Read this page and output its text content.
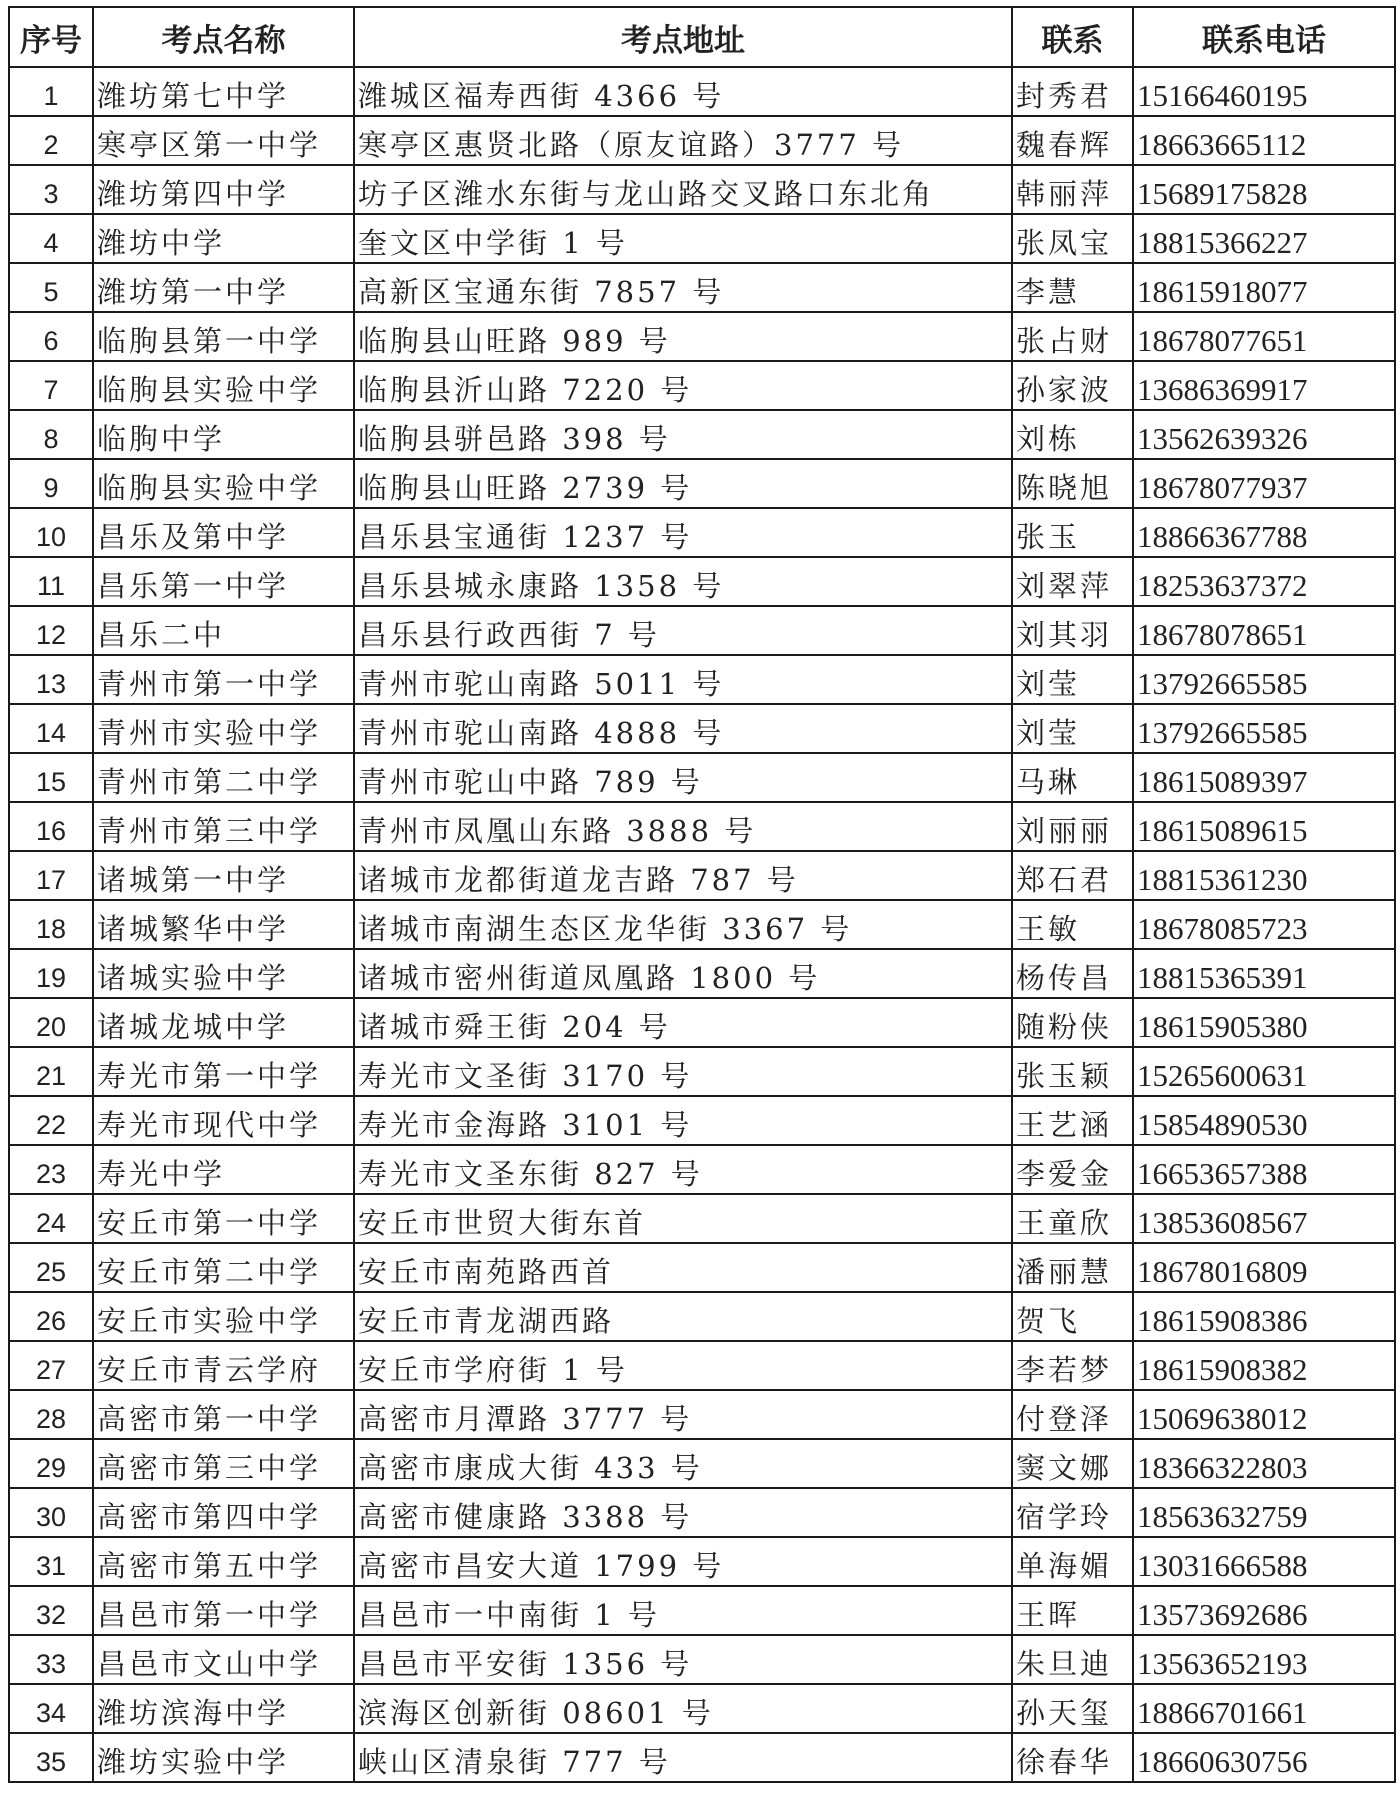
序号	考点名称	考点地址	联系	联系电话
1	潍坊第七中学	潍城区福寿西街 4366 号	封秀君	15166460195
2	寒亭区第一中学	寒亭区惠贤北路（原友谊路）3777 号	魏春辉	18663665112
3	潍坊第四中学	坊子区潍水东街与龙山路交叉路口东北角	韩丽萍	15689175828
4	潍坊中学	奎文区中学街 1 号	张凤宝	18815366227
5	潍坊第一中学	高新区宝通东街 7857 号	李慧	18615918077
6	临朐县第一中学	临朐县山旺路 989 号	张占财	18678077651
7	临朐县实验中学	临朐县沂山路 7220 号	孙家波	13686369917
8	临朐中学	临朐县骈邑路 398 号	刘栋	13562639326
9	临朐县实验中学	临朐县山旺路 2739 号	陈晓旭	18678077937
10	昌乐及第中学	昌乐县宝通街 1237 号	张玉	18866367788
11	昌乐第一中学	昌乐县城永康路 1358 号	刘翠萍	18253637372
12	昌乐二中	昌乐县行政西街 7 号	刘其羽	18678078651
13	青州市第一中学	青州市驼山南路 5011 号	刘莹	13792665585
14	青州市实验中学	青州市驼山南路 4888 号	刘莹	13792665585
15	青州市第二中学	青州市驼山中路 789 号	马琳	18615089397
16	青州市第三中学	青州市凤凰山东路 3888 号	刘丽丽	18615089615
17	诸城第一中学	诸城市龙都街道龙吉路 787 号	郑石君	18815361230
18	诸城繁华中学	诸城市南湖生态区龙华街 3367 号	王敏	18678085723
19	诸城实验中学	诸城市密州街道凤凰路 1800 号	杨传昌	18815365391
20	诸城龙城中学	诸城市舜王街 204 号	随粉侠	18615905380
21	寿光市第一中学	寿光市文圣街 3170 号	张玉颖	15265600631
22	寿光市现代中学	寿光市金海路 3101 号	王艺涵	15854890530
23	寿光中学	寿光市文圣东街 827 号	李爱金	16653657388
24	安丘市第一中学	安丘市世贸大街东首	王童欣	13853608567
25	安丘市第二中学	安丘市南苑路西首	潘丽慧	18678016809
26	安丘市实验中学	安丘市青龙湖西路	贺飞	18615908386
27	安丘市青云学府	安丘市学府街 1 号	李若梦	18615908382
28	高密市第一中学	高密市月潭路 3777 号	付登泽	15069638012
29	高密市第三中学	高密市康成大街 433 号	窦文娜	18366322803
30	高密市第四中学	高密市健康路 3388 号	宿学玲	18563632759
31	高密市第五中学	高密市昌安大道 1799 号	单海媚	13031666588
32	昌邑市第一中学	昌邑市一中南街 1 号	王晖	13573692686
33	昌邑市文山中学	昌邑市平安街 1356 号	朱旦迪	13563652193
34	潍坊滨海中学	滨海区创新街 08601 号	孙天玺	18866701661
35	潍坊实验中学	峡山区清泉街 777 号	徐春华	18660630756
